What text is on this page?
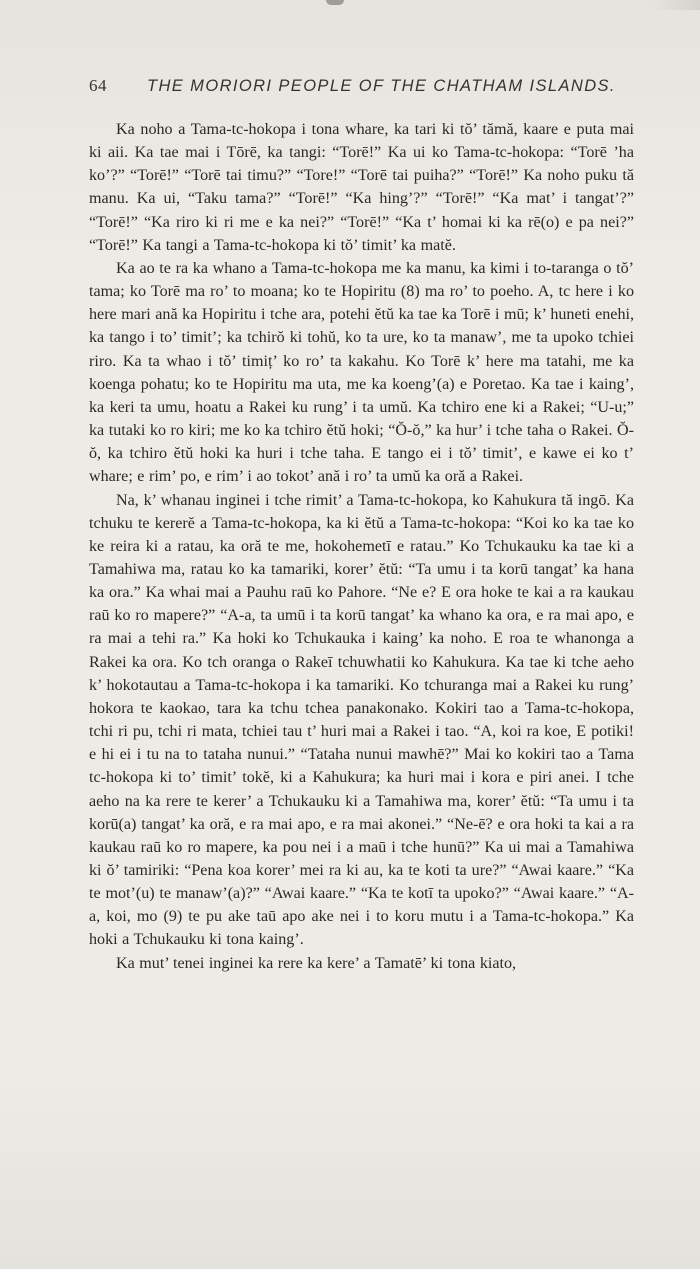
64 THE MORIORI PEOPLE OF THE CHATHAM ISLANDS.

Ka noho a Tama-tc-hokopa i tona whare, ka tari ki tŏ’ tămă, kaare e puta mai ki aii. Ka tae mai i Tōrē, ka tangi: “Torē!” Ka ui ko Tama-tc-hokopa: “Torē ’ha ko’?” “Torē!” “Torē tai timu?” “Tore!” “Torē tai puiha?” “Torē!” Ka noho puku tă manu. Ka ui, “Taku tama?” “Torē!” “Ka hing’?” “Torē!” “Ka mat’ i tangat’?” “Torē!” “Ka riro ki ri me e ka nei?” “Torē!” “Ka t’ homai ki ka rē(o) e pa nei?” “Torē!” Ka tangi a Tama-tc-hokopa ki tŏ’ timit’ ka matĕ.

Ka ao te ra ka whano a Tama-tc-hokopa me ka manu, ka kimi i to-taranga o tŏ’ tama; ko Torē ma ro’ to moana; ko te Hopiritu (8) ma ro’ to poeho. A, tc here i ko here mari ană ka Hopiritu i tche ara, potehi ĕtŭ ka tae ka Torē i mū; k’ huneti enehi, ka tango i to’ timit’; ka tchirŏ ki tohŭ, ko ta ure, ko ta manaw’, me ta upoko tchiei riro. Ka ta whao i tŏ’ timiț’ ko ro’ ta kakahu. Ko Torē k’ here ma tatahi, me ka koenga pohatu; ko te Hopiritu ma uta, me ka koeng’(a) e Poretao. Ka tae i kaing’, ka keri ta umu, hoatu a Rakei ku rung’ i ta umŭ. Ka tchiro ene ki a Rakei; “U-u;” ka tutaki ko ro kiri; me ko ka tchiro ĕtŭ hoki; “Ŏ-ŏ,” ka hur’ i tche taha o Rakei. Ŏ-ŏ, ka tchiro ĕtŭ hoki ka huri i tche taha. E tango ei i tŏ’ timit’, e kawe ei ko t’ whare; e rim’ po, e rim’ i ao tokot’ ană i ro’ ta umŭ ka oră a Rakei.

Na, k’ whanau inginei i tche rimit’ a Tama-tc-hokopa, ko Kahukura tă ingō. Ka tchuku te kererĕ a Tama-tc-hokopa, ka ki ĕtŭ a Tama-tc-hokopa: “Koi ko ka tae ko ke reira ki a ratau, ka oră te me, hokohemetī e ratau.” Ko Tchukauku ka tae ki a Tamahiwa ma, ratau ko ka tamariki, korer’ ĕtŭ: “Ta umu i ta korū tangat’ ka hana ka ora.” Ka whai mai a Pauhu raū ko Pahore. “Ne e? E ora hoke te kai a ra kaukau raū ko ro mapere?” “A-a, ta umū i ta korū tangat’ ka whano ka ora, e ra mai apo, e ra mai a tehi ra.” Ka hoki ko Tchukauka i kaing’ ka noho. E roa te whanonga a Rakei ka ora. Ko tch oranga o Rakeī tchuwhatii ko Kahukura. Ka tae ki tche aeho k’ hokotautau a Tama-tc-hokopa i ka tamariki. Ko tchuranga mai a Rakei ku rung’ hokora te kaokao, tara ka tchu tchea panakonako. Kokiri tao a Tama-tc-hokopa, tchi ri pu, tchi ri mata, tchiei tau t’ huri mai a Rakei i tao. “A, koi ra koe, E potiki! e hi ei i tu na to tataha nunui.” “Tataha nunui mawhē?” Mai ko kokiri tao a Tama tc-hokopa ki to’ timit’ tokĕ, ki a Kahukura; ka huri mai i kora e piri anei. I tche aeho na ka rere te kerer’ a Tchukauku ki a Tamahiwa ma, korer’ ĕtŭ: “Ta umu i ta korū(a) tangat’ ka oră, e ra mai apo, e ra mai akonei.” “Ne-ē? e ora hoki ta kai a ra kaukau raū ko ro mapere, ka pou nei i a maū i tche hunū?” Ka ui mai a Tamahiwa ki ŏ’ tamiriki: “Pena koa korer’ mei ra ki au, ka te koti ta ure?” “Awai kaare.” “Ka te mot’(u) te manaw’(a)?” “Awai kaare.” “Ka te kotī ta upoko?” “Awai kaare.” “A-a, koi, mo (9) te pu ake taū apo ake nei i to koru mutu i a Tama-tc-hokopa.” Ka hoki a Tchukauku ki tona kaing’.

Ka mut’ tenei inginei ka rere ka kere’ a Tamatē’ ki tona kiato,
